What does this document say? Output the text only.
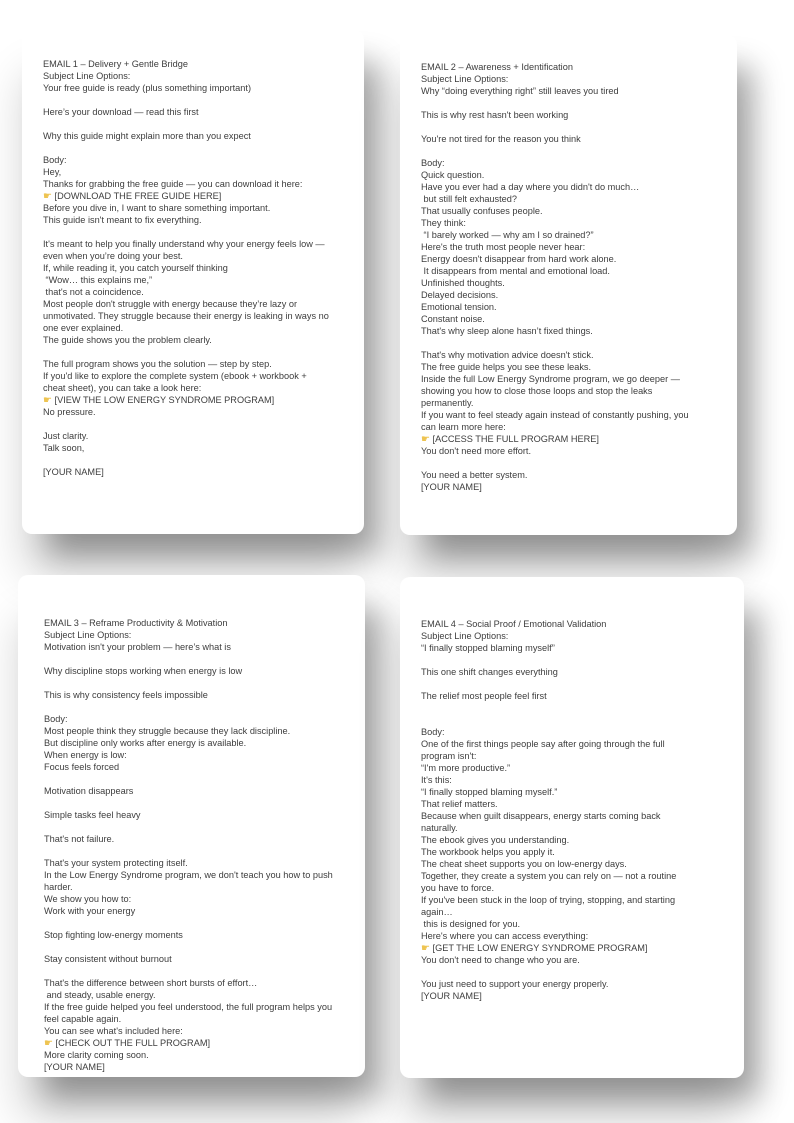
EMAIL 1 – Delivery + Gentle Bridge
Subject Line Options:
Your free guide is ready (plus something important)

Here’s your download — read this first

Why this guide might explain more than you expect

Body:
Hey,
Thanks for grabbing the free guide — you can download it here:
☛ [DOWNLOAD THE FREE GUIDE HERE]
Before you dive in, I want to share something important.
This guide isn't meant to fix everything.

It's meant to help you finally understand why your energy feels low —
even when you’re doing your best.
If, while reading it, you catch yourself thinking
“Wow… this explains me,”
that's not a coincidence.
Most people don't struggle with energy because they’re lazy or
unmotivated. They struggle because their energy is leaking in ways no
one ever explained.
The guide shows you the problem clearly.

The full program shows you the solution — step by step.
If you'd like to explore the complete system (ebook + workbook +
cheat sheet), you can take a look here:
☛ [VIEW THE LOW ENERGY SYNDROME PROGRAM]
No pressure.

Just clarity.
Talk soon,

[YOUR NAME]
EMAIL 2 – Awareness + Identification
Subject Line Options:
Why “doing everything right” still leaves you tired

This is why rest hasn't been working

You're not tired for the reason you think

Body:
Quick question.
Have you ever had a day where you didn't do much…
but still felt exhausted?
That usually confuses people.
They think:
“I barely worked — why am I so drained?”
Here's the truth most people never hear:
Energy doesn't disappear from hard work alone.
It disappears from mental and emotional load.
Unfinished thoughts.
Delayed decisions.
Emotional tension.
Constant noise.
That's why sleep alone hasn’t fixed things.

That's why motivation advice doesn't stick.
The free guide helps you see these leaks.
Inside the full Low Energy Syndrome program, we go deeper —
showing you how to close those loops and stop the leaks
permanently.
If you want to feel steady again instead of constantly pushing, you
can learn more here:
☛ [ACCESS THE FULL PROGRAM HERE]
You don't need more effort.

You need a better system.
[YOUR NAME]
EMAIL 3 – Reframe Productivity & Motivation
Subject Line Options:
Motivation isn't your problem — here’s what is

Why discipline stops working when energy is low

This is why consistency feels impossible

Body:
Most people think they struggle because they lack discipline.
But discipline only works after energy is available.
When energy is low:
Focus feels forced

Motivation disappears

Simple tasks feel heavy

That's not failure.

That's your system protecting itself.
In the Low Energy Syndrome program, we don't teach you how to push
harder.
We show you how to:
Work with your energy

Stop fighting low-energy moments

Stay consistent without burnout

That's the difference between short bursts of effort…
and steady, usable energy.
If the free guide helped you feel understood, the full program helps you
feel capable again.
You can see what's included here:
☛ [CHECK OUT THE FULL PROGRAM]
More clarity coming soon.
[YOUR NAME]
EMAIL 4 – Social Proof / Emotional Validation
Subject Line Options:
“I finally stopped blaming myself”

This one shift changes everything

The relief most people feel first

Body:
One of the first things people say after going through the full
program isn't:
“I'm more productive.”
It's this:
“I finally stopped blaming myself.”
That relief matters.
Because when guilt disappears, energy starts coming back
naturally.
The ebook gives you understanding.
The workbook helps you apply it.
The cheat sheet supports you on low-energy days.
Together, they create a system you can rely on — not a routine
you have to force.
If you've been stuck in the loop of trying, stopping, and starting
again…
this is designed for you.
Here's where you can access everything:
☛ [GET THE LOW ENERGY SYNDROME PROGRAM]
You don't need to change who you are.

You just need to support your energy properly.
[YOUR NAME]
